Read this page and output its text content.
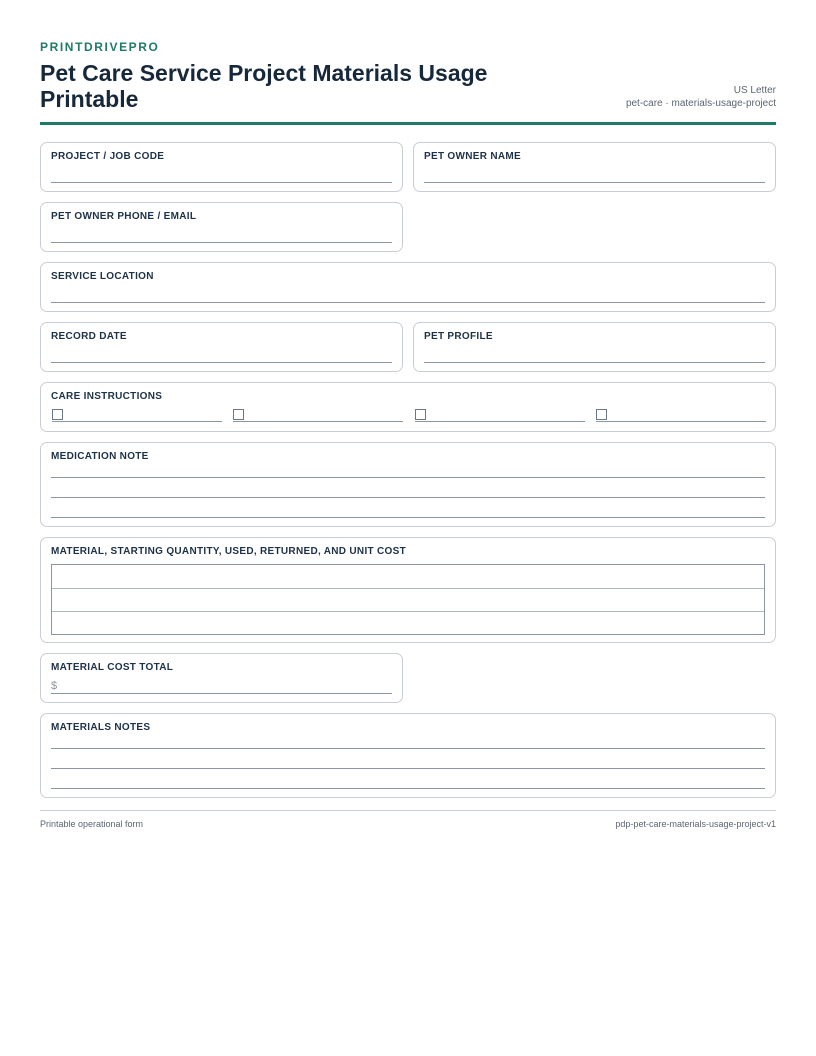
PRINTDRIVEPRO
Pet Care Service Project Materials Usage Printable	US Letter
pet-care · materials-usage-project
PROJECT / JOB CODE	PET OWNER NAME
PET OWNER PHONE / EMAIL
SERVICE LOCATION
RECORD DATE	PET PROFILE
CARE INSTRUCTIONS
MEDICATION NOTE
MATERIAL, STARTING QUANTITY, USED, RETURNED, AND UNIT COST
MATERIAL COST TOTAL
$
MATERIALS NOTES
Printable operational form	pdp-pet-care-materials-usage-project-v1
